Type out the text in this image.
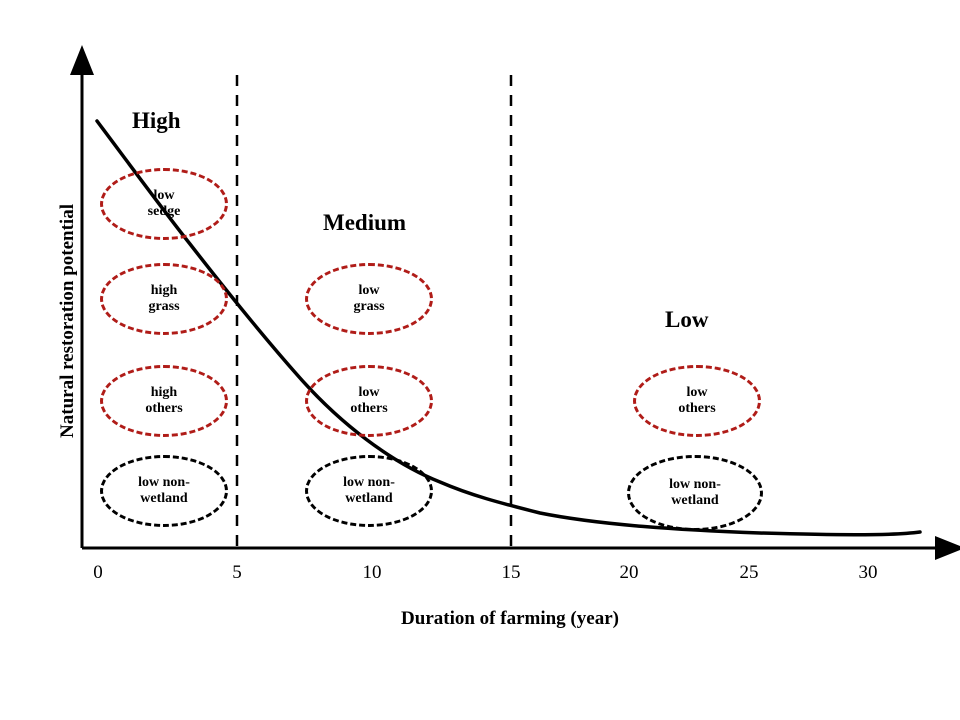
Natural restoration potential
Duration of farming (year)
0	5	10	15	20	25	30
High
Medium
Low
low
sedge
high
grass
high
others
low non-
wetland
low
grass
low
others
low non-
wetland
low
others
low non-
wetland
